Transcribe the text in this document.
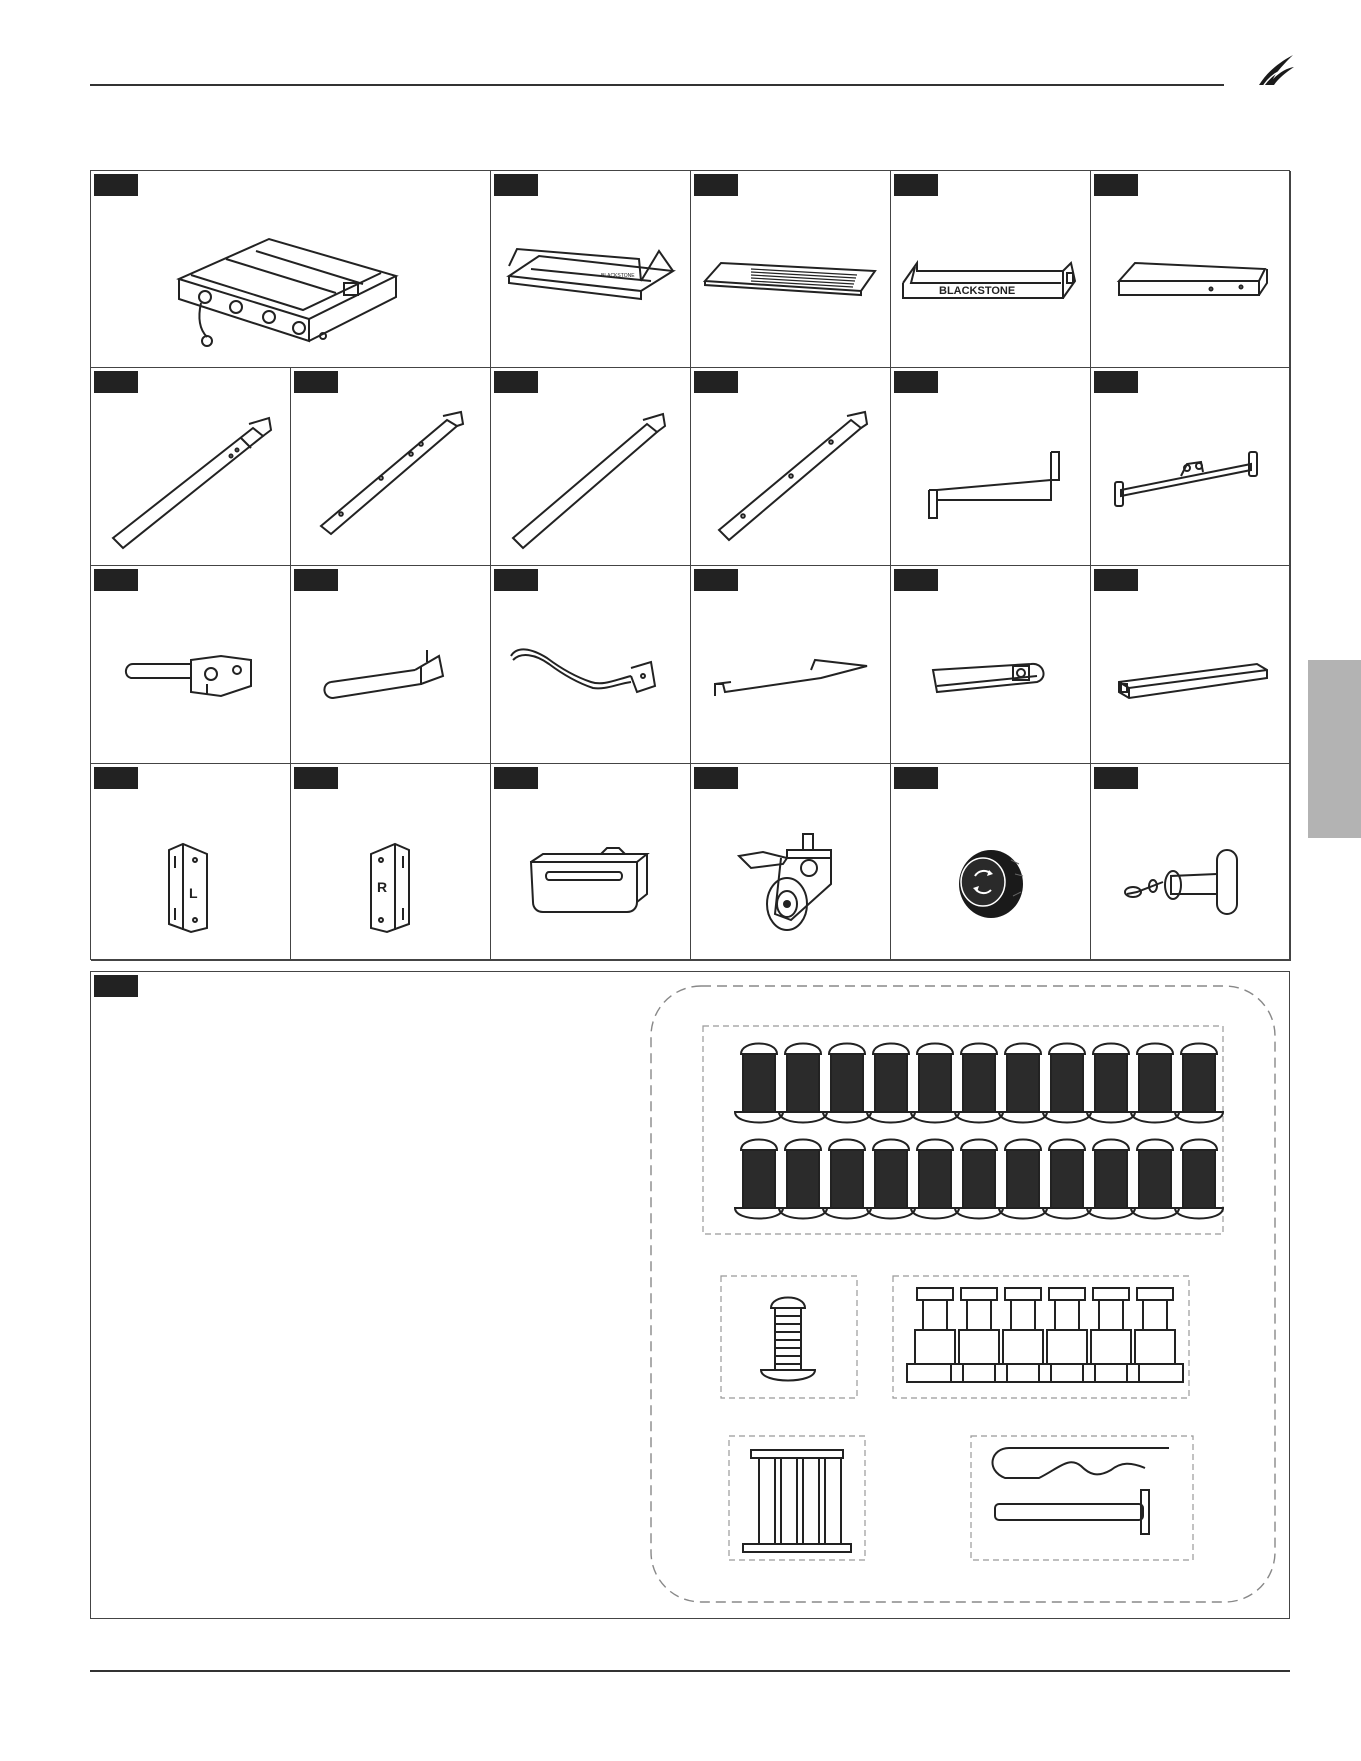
BLACKSTONE
BLACKSTONE
L	R
